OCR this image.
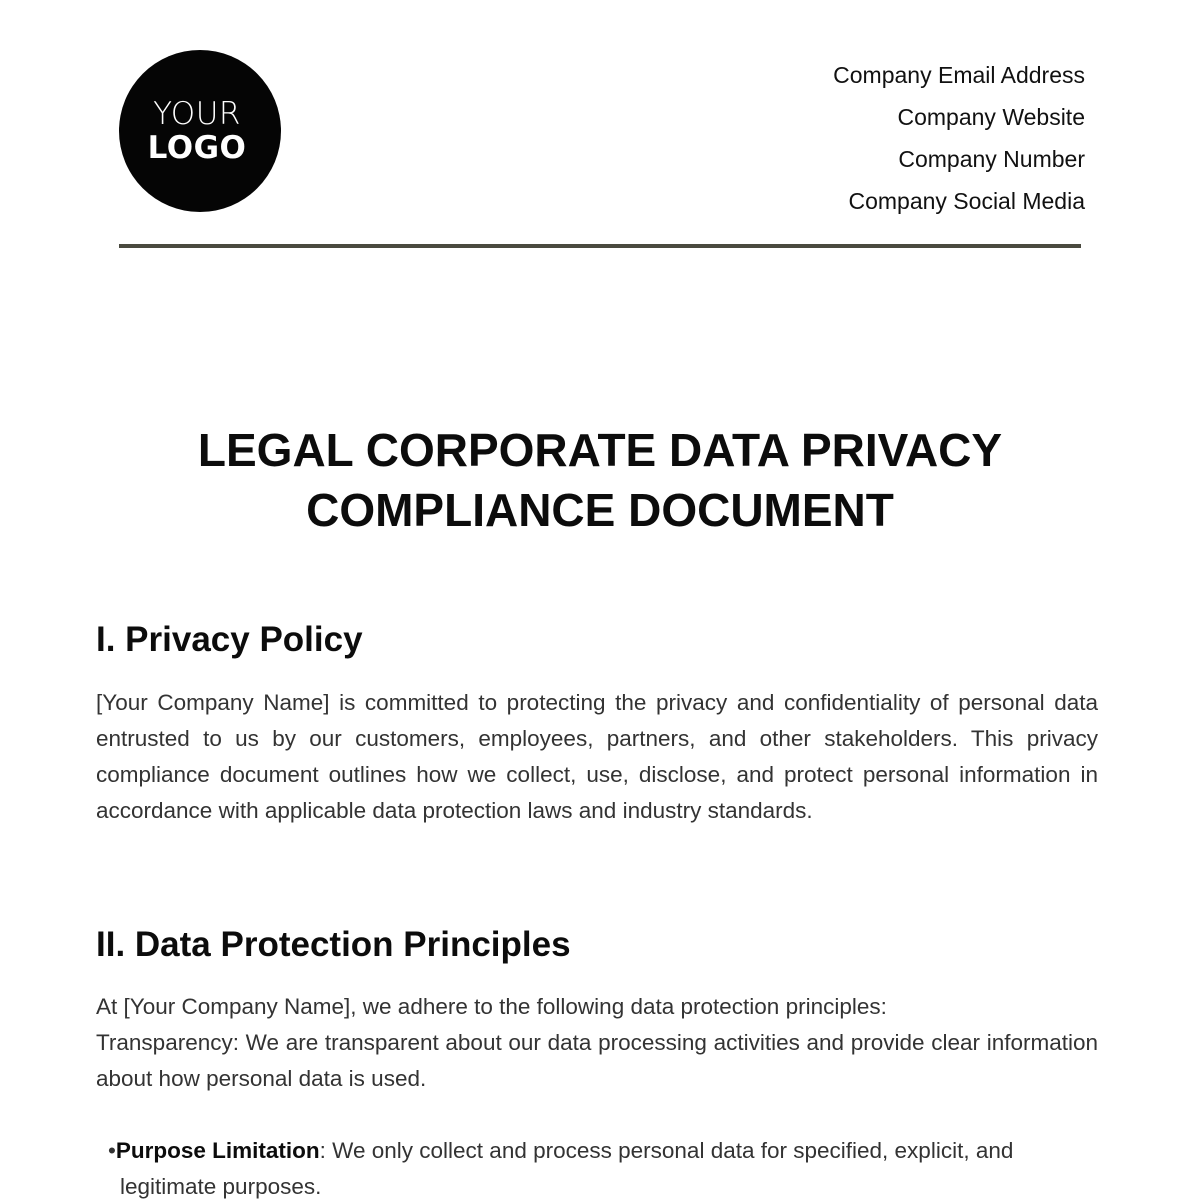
YOUR
LOGO
Company Email Address
Company Website
Company Number
Company Social Media
LEGAL CORPORATE DATA PRIVACY COMPLIANCE DOCUMENT
I. Privacy Policy

[Your Company Name] is committed to protecting the privacy and confidentiality of personal data entrusted to us by our customers, employees, partners, and other stakeholders. This privacy compliance document outlines how we collect, use, disclose, and protect personal information in accordance with applicable data protection laws and industry standards.

II. Data Protection Principles

At [Your Company Name], we adhere to the following data protection principles:

Transparency: We are transparent about our data processing activities and provide clear information about how personal data is used.

•Purpose Limitation: We only collect and process personal data for specified, explicit, and legitimate purposes.
